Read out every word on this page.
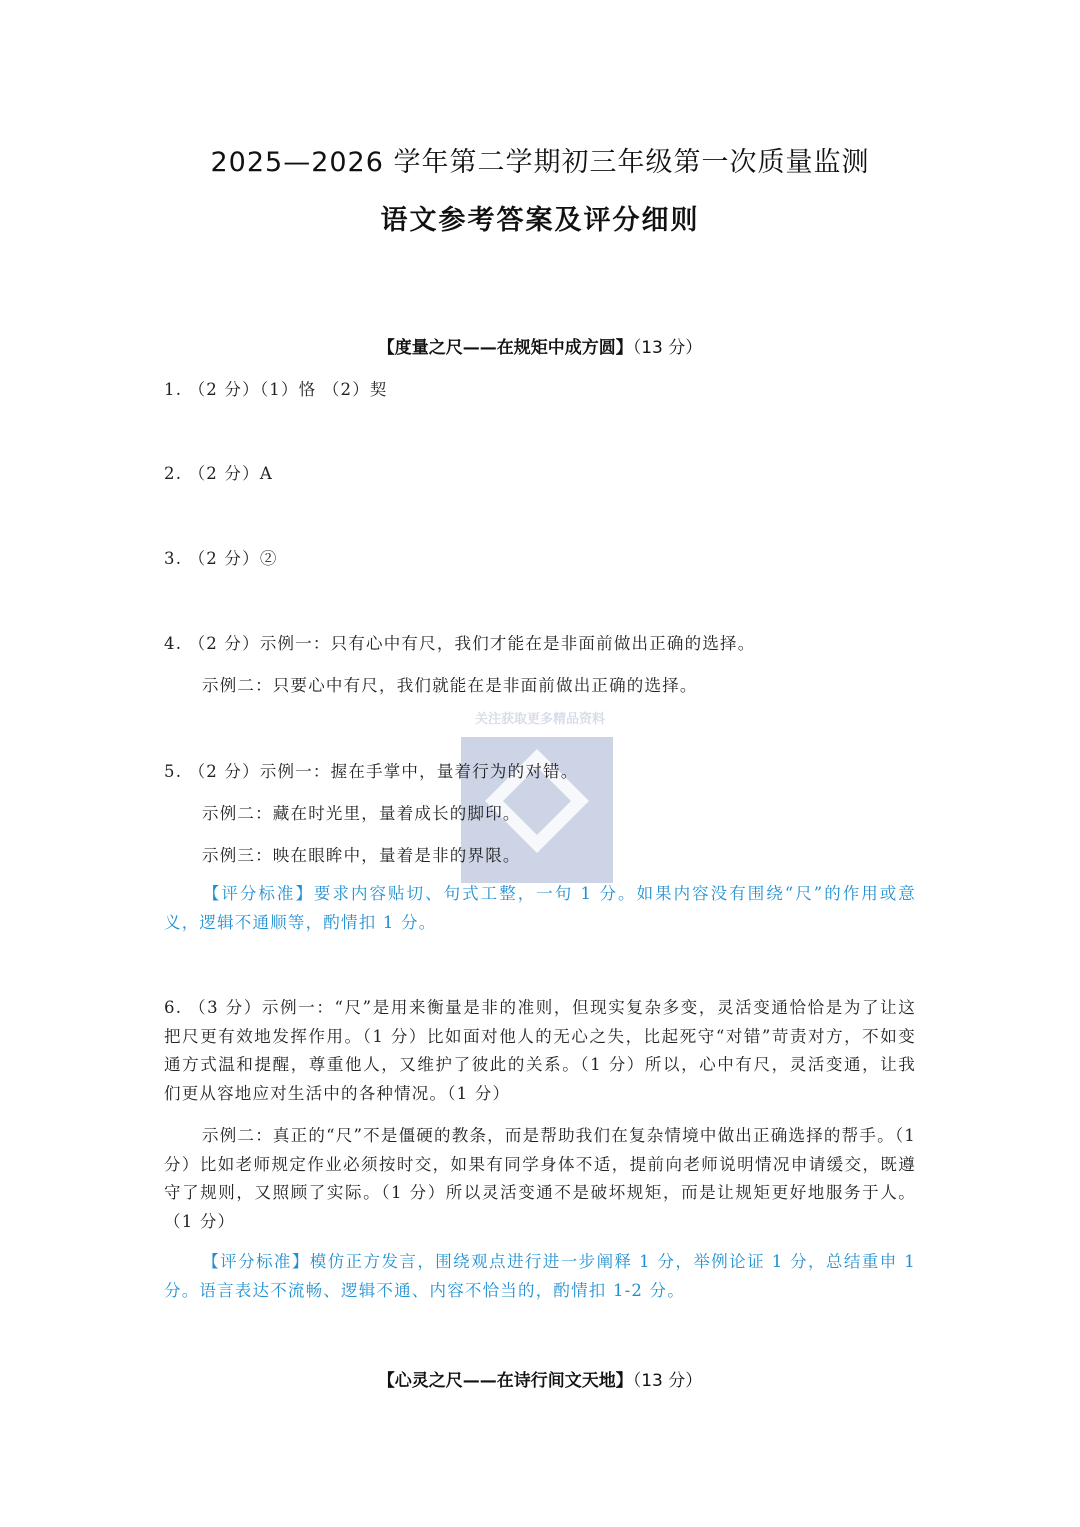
2025—2026 学年第二学期初三年级第一次质量监测
语文参考答案及评分细则
【度量之尺——在规矩中成方圆】（13 分）
1. （2 分）（1）恪 （2）契
2. （2 分）A
3. （2 分）②
4. （2 分）示例一：只有心中有尺，我们才能在是非面前做出正确的选择。
示例二：只要心中有尺，我们就能在是非面前做出正确的选择。
关注获取更多精品资料
5. （2 分）示例一：握在手掌中，量着行为的对错。
示例二：藏在时光里，量着成长的脚印。
示例三：映在眼眸中，量着是非的界限。
【评分标准】要求内容贴切、句式工整，一句 1 分。如果内容没有围绕“尺”的作用或意义，逻辑不通顺等，酌情扣 1 分。
6. （3 分）示例一：“尺”是用来衡量是非的准则，但现实复杂多变，灵活变通恰恰是为了让这把尺更有效地发挥作用。（1 分）比如面对他人的无心之失，比起死守“对错”苛责对方，不如变通方式温和提醒，尊重他人，又维护了彼此的关系。（1 分）所以，心中有尺，灵活变通，让我们更从容地应对生活中的各种情况。（1 分）
示例二：真正的“尺”不是僵硬的教条，而是帮助我们在复杂情境中做出正确选择的帮手。（1 分）比如老师规定作业必须按时交，如果有同学身体不适，提前向老师说明情况申请缓交，既遵守了规则，又照顾了实际。（1 分）所以灵活变通不是破坏规矩，而是让规矩更好地服务于人。（1 分）
【评分标准】模仿正方发言，围绕观点进行进一步阐释 1 分，举例论证 1 分，总结重申 1 分。语言表达不流畅、逻辑不通、内容不恰当的，酌情扣 1-2 分。
【心灵之尺——在诗行间文天地】（13 分）
